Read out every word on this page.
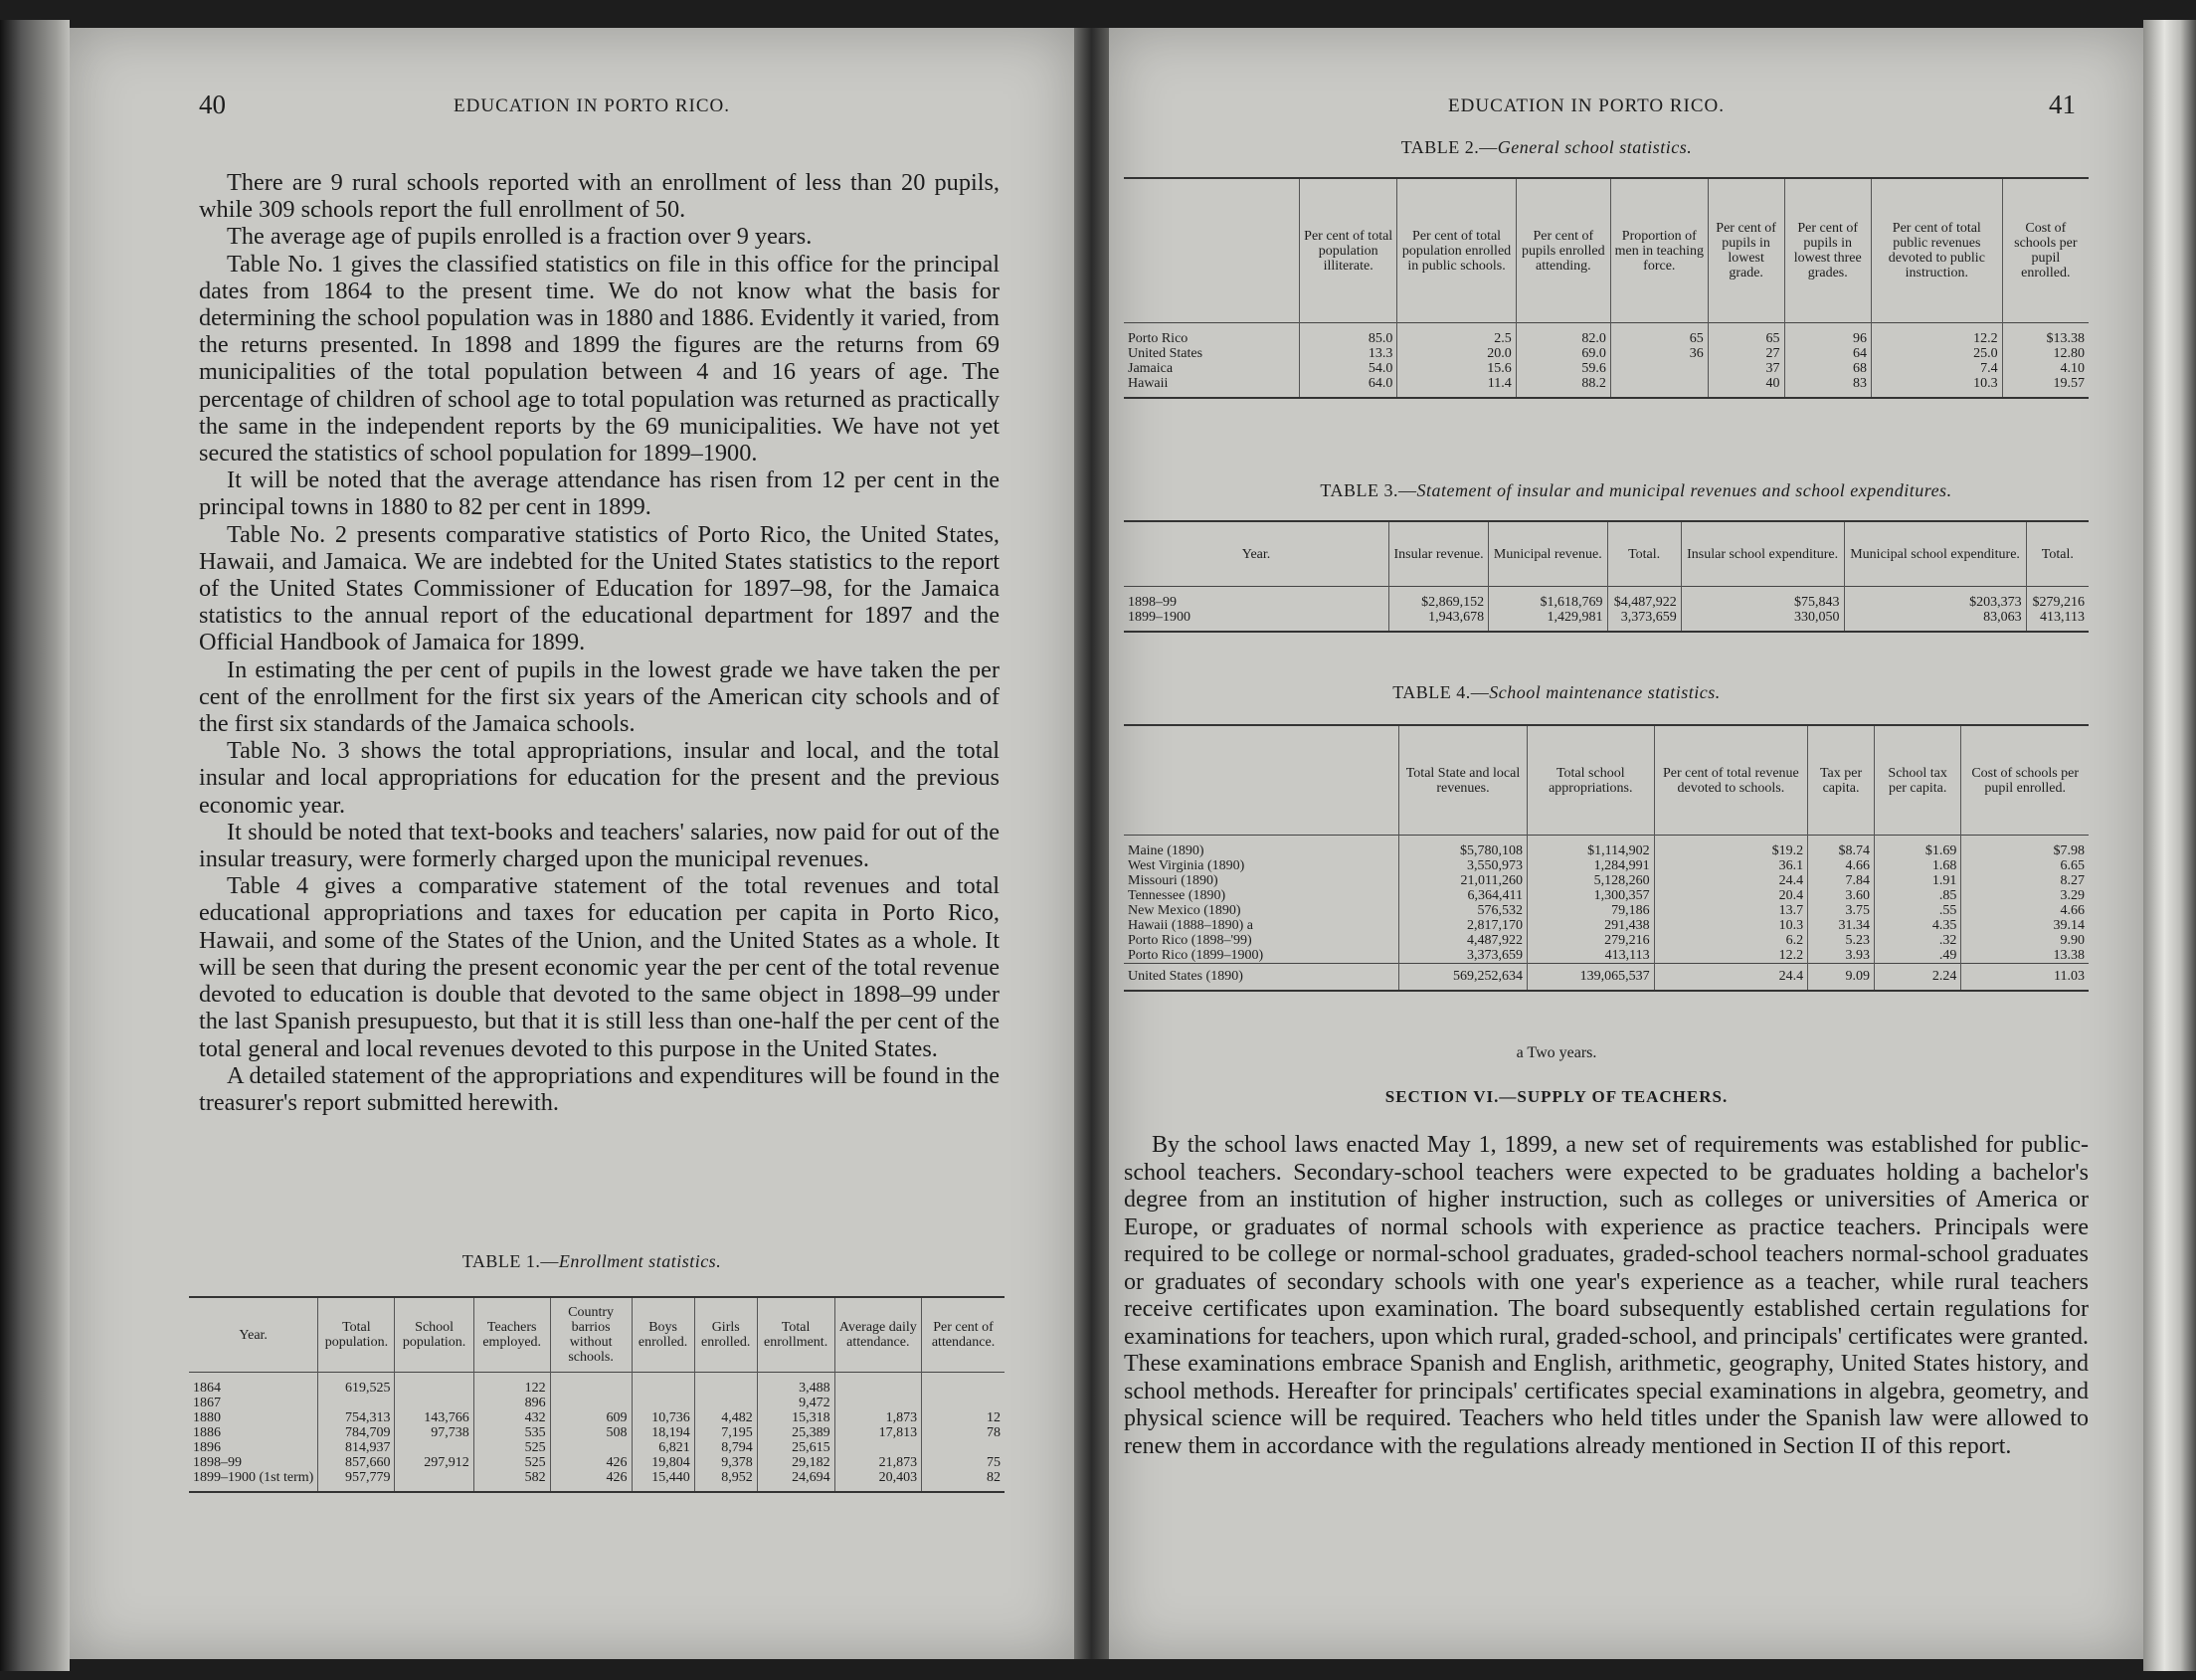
40	EDUCATION IN PORTO RICO.

There are 9 rural schools reported with an enrollment of less than 20 pupils, while 309 schools report the full enrollment of 50.

The average age of pupils enrolled is a fraction over 9 years.

Table No. 1 gives the classified statistics on file in this office for the principal dates from 1864 to the present time. We do not know what the basis for determining the school population was in 1880 and 1886. Evidently it varied, from the returns presented. In 1898 and 1899 the figures are the returns from 69 municipalities of the total population between 4 and 16 years of age. The percentage of children of school age to total population was returned as practically the same in the independent reports by the 69 municipalities. We have not yet secured the statistics of school population for 1899–1900.

It will be noted that the average attendance has risen from 12 per cent in the principal towns in 1880 to 82 per cent in 1899.

Table No. 2 presents comparative statistics of Porto Rico, the United States, Hawaii, and Jamaica. We are indebted for the United States statistics to the report of the United States Commissioner of Education for 1897–98, for the Jamaica statistics to the annual report of the educational department for 1897 and the Official Handbook of Jamaica for 1899.

In estimating the per cent of pupils in the lowest grade we have taken the per cent of the enrollment for the first six years of the American city schools and of the first six standards of the Jamaica schools.

Table No. 3 shows the total appropriations, insular and local, and the total insular and local appropriations for education for the present and the previous economic year.

It should be noted that text-books and teachers' salaries, now paid for out of the insular treasury, were formerly charged upon the municipal revenues.

Table 4 gives a comparative statement of the total revenues and total educational appropriations and taxes for education per capita in Porto Rico, Hawaii, and some of the States of the Union, and the United States as a whole. It will be seen that during the present economic year the per cent of the total revenue devoted to education is double that devoted to the same object in 1898–99 under the last Spanish presupuesto, but that it is still less than one-half the per cent of the total general and local revenues devoted to this purpose in the United States.

A detailed statement of the appropriations and expenditures will be found in the treasurer's report submitted herewith.

TABLE 1.—Enrollment statistics.
Year.	Total population.	School population.	Teachers employed.	Country barrios without schools.	Boys enrolled.	Girls enrolled.	Total enrollment.	Average daily attendance.	Per cent of attendance.
1864	619,525		122				3,488		
1867			896				9,472		
1880	754,313	143,766	432	609	10,736	4,482	15,318	1,873	12
1886	784,709	97,738	535	508	18,194	7,195	25,389	17,813	78
1896	814,937		525		6,821	8,794	25,615		
1898–99	857,660	297,912	525	426	19,804	9,378	29,182	21,873	75
1899–1900 (1st term)	957,779		582	426	15,440	8,952	24,694	20,403	82
EDUCATION IN PORTO RICO.	41
TABLE 2.—General school statistics.
	Per cent of total population illiterate.	Per cent of total population enrolled in public schools.	Per cent of pupils enrolled attending.	Proportion of men in teaching force.	Per cent of pupils in lowest grade.	Per cent of pupils in lowest three grades.	Per cent of total public revenues devoted to public instruction.	Cost of schools per pupil enrolled.
Porto Rico	85.0	2.5	82.0	65	65	96	12.2	$13.38
United States	13.3	20.0	69.0	36	27	64	25.0	12.80
Jamaica	54.0	15.6	59.6		37	68	7.4	4.10
Hawaii	64.0	11.4	88.2		40	83	10.3	19.57
TABLE 3.—Statement of insular and municipal revenues and school expenditures.
Year.	Insular revenue.	Municipal revenue.	Total.	Insular school expenditure.	Municipal school expenditure.	Total.
1898–99	$2,869,152	$1,618,769	$4,487,922	$75,843	$203,373	$279,216
1899–1900	1,943,678	1,429,981	3,373,659	330,050	83,063	413,113
TABLE 4.—School maintenance statistics.
	Total State and local revenues.	Total school appropriations.	Per cent of total revenue devoted to schools.	Tax per capita.	School tax per capita.	Cost of schools per pupil enrolled.
Maine (1890)	$5,780,108	$1,114,902	$19.2	$8.74	$1.69	$7.98
West Virginia (1890)	3,550,973	1,284,991	36.1	4.66	1.68	6.65
Missouri (1890)	21,011,260	5,128,260	24.4	7.84	1.91	8.27
Tennessee (1890)	6,364,411	1,300,357	20.4	3.60	.85	3.29
New Mexico (1890)	576,532	79,186	13.7	3.75	.55	4.66
Hawaii (1888–1890) a	2,817,170	291,438	10.3	31.34	4.35	39.14
Porto Rico (1898–'99)	4,487,922	279,216	6.2	5.23	.32	9.90
Porto Rico (1899–1900)	3,373,659	413,113	12.2	3.93	.49	13.38
United States (1890)	569,252,634	139,065,537	24.4	9.09	2.24	11.03
a Two years.
SECTION VI.—SUPPLY OF TEACHERS.

By the school laws enacted May 1, 1899, a new set of requirements was established for public-school teachers. Secondary-school teachers were expected to be graduates holding a bachelor's degree from an institution of higher instruction, such as colleges or universities of America or Europe, or graduates of normal schools with experience as practice teachers. Principals were required to be college or normal-school graduates, graded-school teachers normal-school graduates or graduates of secondary schools with one year's experience as a teacher, while rural teachers receive certificates upon examination. The board subsequently established certain regulations for examinations for teachers, upon which rural, graded-school, and principals' certificates were granted. These examinations embrace Spanish and English, arithmetic, geography, United States history, and school methods. Hereafter for principals' certificates special examinations in algebra, geometry, and physical science will be required. Teachers who held titles under the Spanish law were allowed to renew them in accordance with the regulations already mentioned in Section II of this report.
